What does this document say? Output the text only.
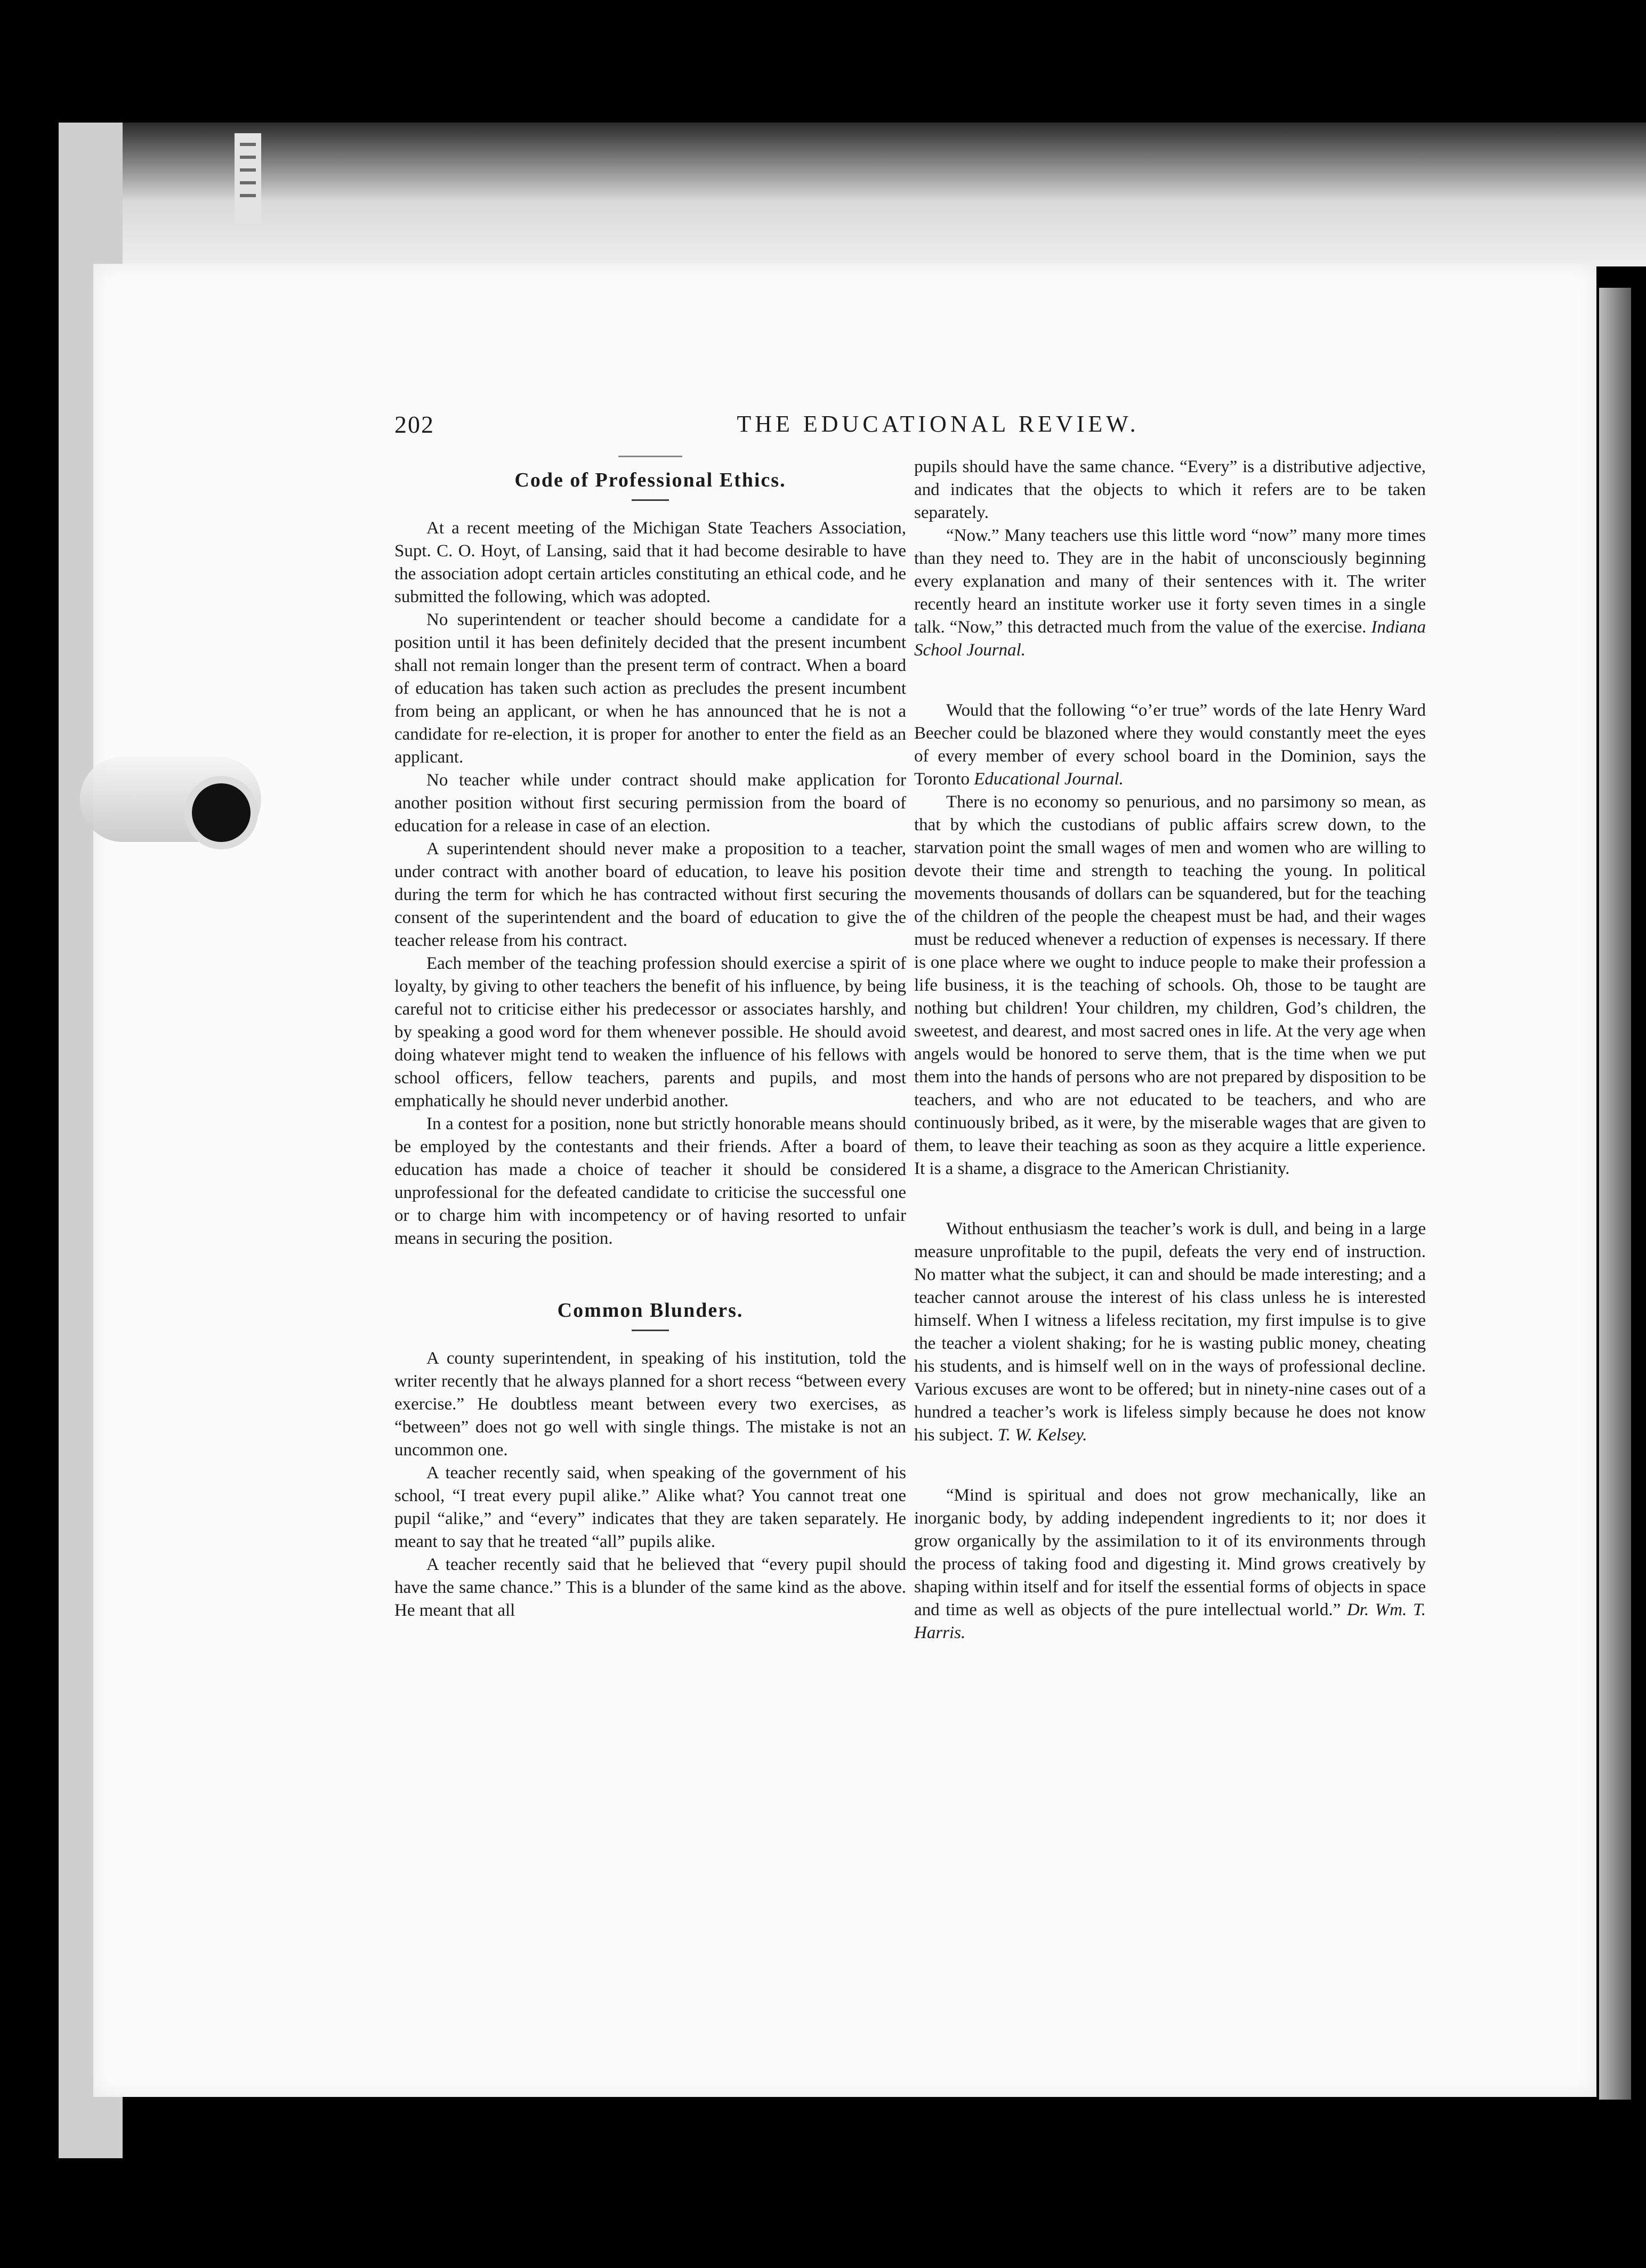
202	THE EDUCATIONAL REVIEW.
Code of Professional Ethics.

At a recent meeting of the Michigan State Teachers Association, Supt. C. O. Hoyt, of Lansing, said that it had become desirable to have the association adopt certain articles constituting an ethical code, and he submitted the following, which was adopted.

No superintendent or teacher should become a candidate for a position until it has been definitely decided that the present incumbent shall not remain longer than the present term of contract. When a board of education has taken such action as precludes the present incumbent from being an applicant, or when he has announced that he is not a candidate for re-election, it is proper for another to enter the field as an applicant.

No teacher while under contract should make application for another position without first securing permission from the board of education for a release in case of an election.

A superintendent should never make a proposition to a teacher, under contract with another board of education, to leave his position during the term for which he has contracted without first securing the consent of the superintendent and the board of education to give the teacher release from his contract.

Each member of the teaching profession should exercise a spirit of loyalty, by giving to other teachers the benefit of his influence, by being careful not to criticise either his predecessor or associates harshly, and by speaking a good word for them whenever possible. He should avoid doing whatever might tend to weaken the influence of his fellows with school officers, fellow teachers, parents and pupils, and most emphatically he should never underbid another.

In a contest for a position, none but strictly honorable means should be employed by the contestants and their friends. After a board of education has made a choice of teacher it should be considered unprofessional for the defeated candidate to criticise the successful one or to charge him with incompetency or of having resorted to unfair means in securing the position.

Common Blunders.

A county superintendent, in speaking of his institution, told the writer recently that he always planned for a short recess “between every exercise.” He doubtless meant between every two exercises, as “between” does not go well with single things. The mistake is not an uncommon one.

A teacher recently said, when speaking of the government of his school, “I treat every pupil alike.” Alike what? You cannot treat one pupil “alike,” and “every” indicates that they are taken separately. He meant to say that he treated “all” pupils alike.

A teacher recently said that he believed that “every pupil should have the same chance.” This is a blunder of the same kind as the above. He meant that all

pupils should have the same chance. “Every” is a distributive adjective, and indicates that the objects to which it refers are to be taken separately.

“Now.” Many teachers use this little word “now” many more times than they need to. They are in the habit of unconsciously beginning every explanation and many of their sentences with it. The writer recently heard an institute worker use it forty seven times in a single talk. “Now,” this detracted much from the value of the exercise. Indiana School Journal.

Would that the following “o’er true” words of the late Henry Ward Beecher could be blazoned where they would constantly meet the eyes of every member of every school board in the Dominion, says the Toronto Educational Journal.

There is no economy so penurious, and no parsimony so mean, as that by which the custodians of public affairs screw down, to the starvation point the small wages of men and women who are willing to devote their time and strength to teaching the young. In political movements thousands of dollars can be squandered, but for the teaching of the children of the people the cheapest must be had, and their wages must be reduced whenever a reduction of expenses is necessary. If there is one place where we ought to induce people to make their profession a life business, it is the teaching of schools. Oh, those to be taught are nothing but children! Your children, my children, God’s children, the sweetest, and dearest, and most sacred ones in life. At the very age when angels would be honored to serve them, that is the time when we put them into the hands of persons who are not prepared by disposition to be teachers, and who are not educated to be teachers, and who are continuously bribed, as it were, by the miserable wages that are given to them, to leave their teaching as soon as they acquire a little experience. It is a shame, a disgrace to the American Christianity.

Without enthusiasm the teacher’s work is dull, and being in a large measure unprofitable to the pupil, defeats the very end of instruction. No matter what the subject, it can and should be made interesting; and a teacher cannot arouse the interest of his class unless he is interested himself. When I witness a lifeless recitation, my first impulse is to give the teacher a violent shaking; for he is wasting public money, cheating his students, and is himself well on in the ways of professional decline. Various excuses are wont to be offered; but in ninety-nine cases out of a hundred a teacher’s work is lifeless simply because he does not know his subject. T. W. Kelsey.

“Mind is spiritual and does not grow mechanically, like an inorganic body, by adding independent ingredients to it; nor does it grow organically by the assimilation to it of its environments through the process of taking food and digesting it. Mind grows creatively by shaping within itself and for itself the essential forms of objects in space and time as well as objects of the pure intellectual world.” Dr. Wm. T. Harris.
